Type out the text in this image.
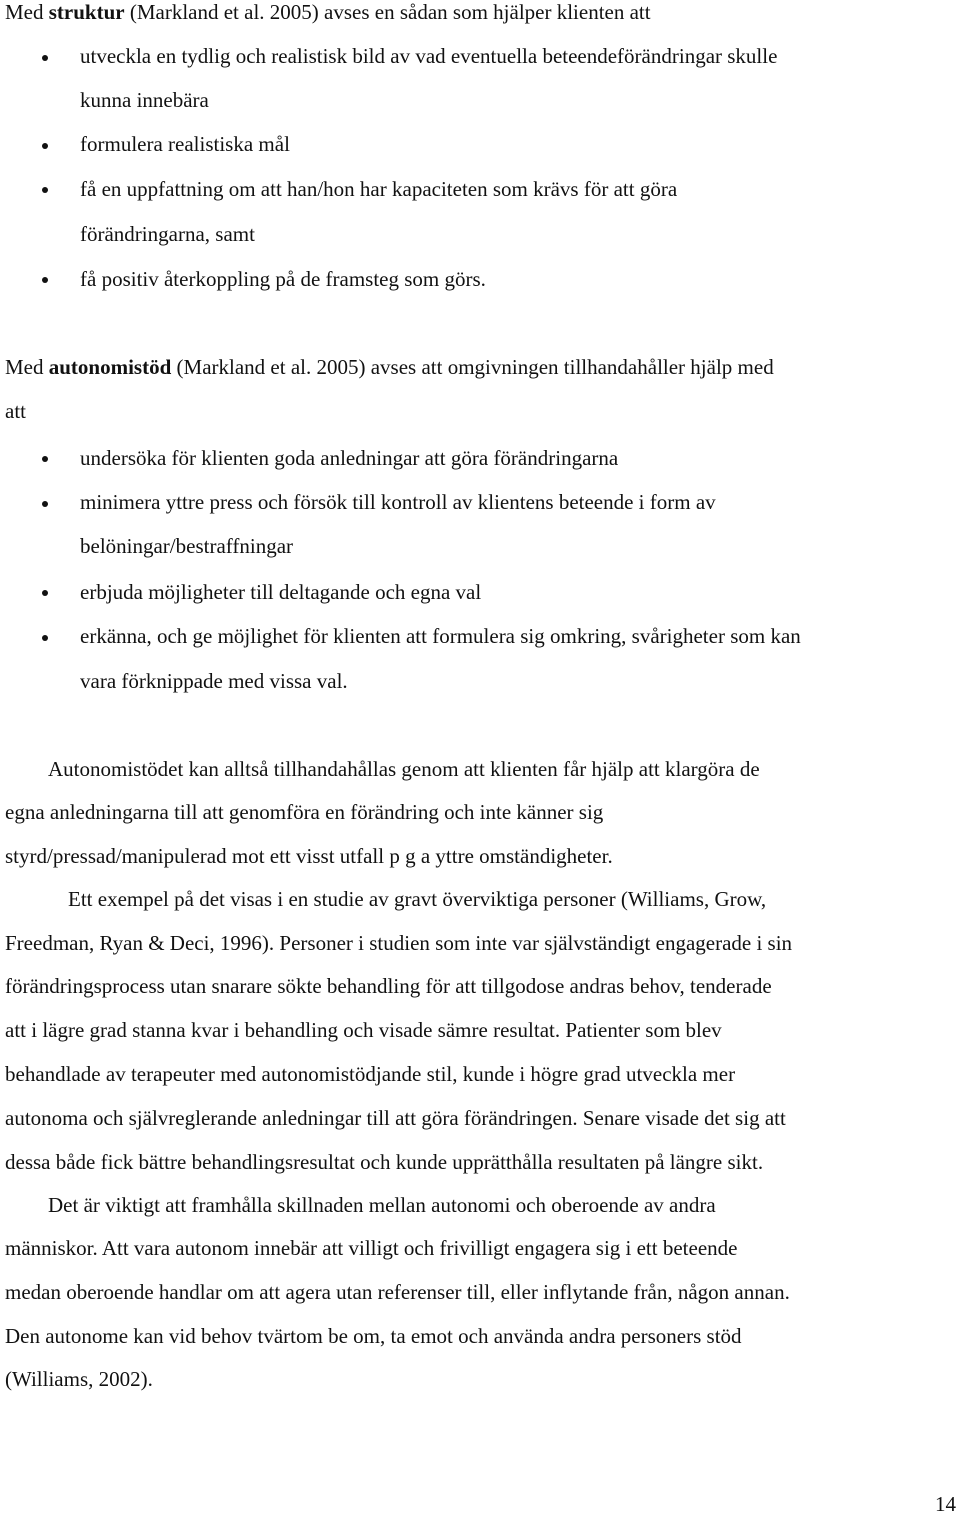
Med struktur (Markland et al. 2005) avses en sådan som hjälper klienten att
utveckla en tydlig och realistisk bild av vad eventuella beteendeförändringar skulle
kunna innebära
formulera realistiska mål
få en uppfattning om att han/hon har kapaciteten som krävs för att göra
förändringarna, samt
få positiv återkoppling på de framsteg som görs.
Med autonomistöd (Markland et al. 2005) avses att omgivningen tillhandahåller hjälp med
att
undersöka för klienten goda anledningar att göra förändringarna
minimera yttre press och försök till kontroll av klientens beteende i form av
belöningar/bestraffningar
erbjuda möjligheter till deltagande och egna val
erkänna, och ge möjlighet för klienten att formulera sig omkring, svårigheter som kan
vara förknippade med vissa val.
Autonomistödet kan alltså tillhandahållas genom att klienten får hjälp att klargöra de
egna anledningarna till att genomföra en förändring och inte känner sig
styrd/pressad/manipulerad mot ett visst utfall p g a yttre omständigheter.
Ett exempel på det visas i en studie av gravt överviktiga personer (Williams, Grow,
Freedman, Ryan & Deci, 1996). Personer i studien som inte var självständigt engagerade i sin
förändringsprocess utan snarare sökte behandling för att tillgodose andras behov, tenderade
att i lägre grad stanna kvar i behandling och visade sämre resultat. Patienter som blev
behandlade av terapeuter med autonomistödjande stil, kunde i högre grad utveckla mer
autonoma och självreglerande anledningar till att göra förändringen. Senare visade det sig att
dessa både fick bättre behandlingsresultat och kunde upprätthålla resultaten på längre sikt.
Det är viktigt att framhålla skillnaden mellan autonomi och oberoende av andra
människor. Att vara autonom innebär att villigt och frivilligt engagera sig i ett beteende
medan oberoende handlar om att agera utan referenser till, eller inflytande från, någon annan.
Den autonome kan vid behov tvärtom be om, ta emot och använda andra personers stöd
(Williams, 2002).
14
